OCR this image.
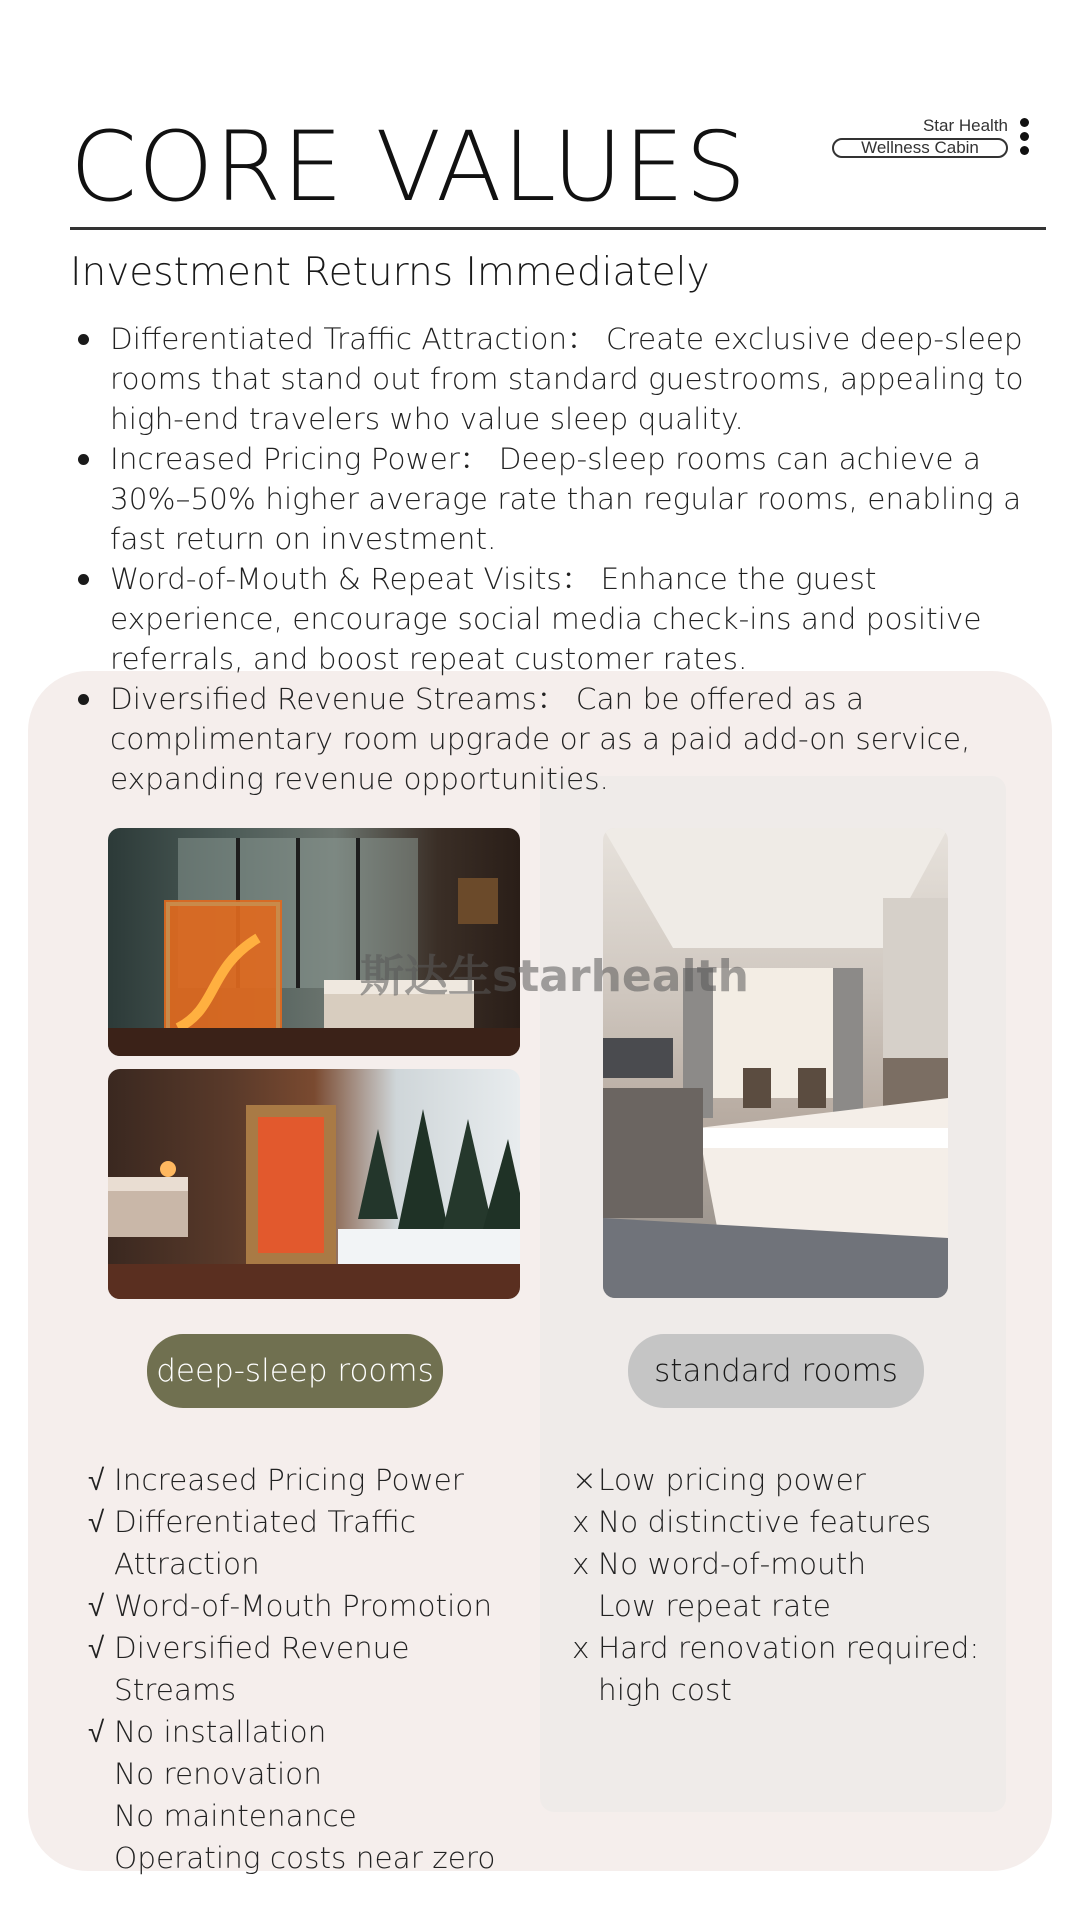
CORE VALUES	Star Health
Wellness Cabin
Investment Returns Immediately
Differentiated Traffic Attraction： Create exclusive deep-sleep rooms that stand out from standard guestrooms, appealing to high-end travelers who value sleep quality.
Increased Pricing Power： Deep-sleep rooms can achieve a 30%–50% higher average rate than regular rooms, enabling a fast return on investment.
Word-of-Mouth & Repeat Visits： Enhance the guest experience, encourage social media check-ins and positive referrals, and boost repeat customer rates.
Diversified Revenue Streams： Can be offered as a complimentary room upgrade or as a paid add-on service, expanding revenue opportunities.
斯达生starhealth
deep-sleep rooms	standard rooms
√ Increased Pricing Power
√ Differentiated Traffic
Attraction
√ Word-of-Mouth Promotion
√ Diversified Revenue Streams
√ No installation
No renovation
No maintenance
Operating costs near zero
× Low pricing power
x No distinctive features
x No word-of-mouth
Low repeat rate
x Hard renovation required:
high cost
